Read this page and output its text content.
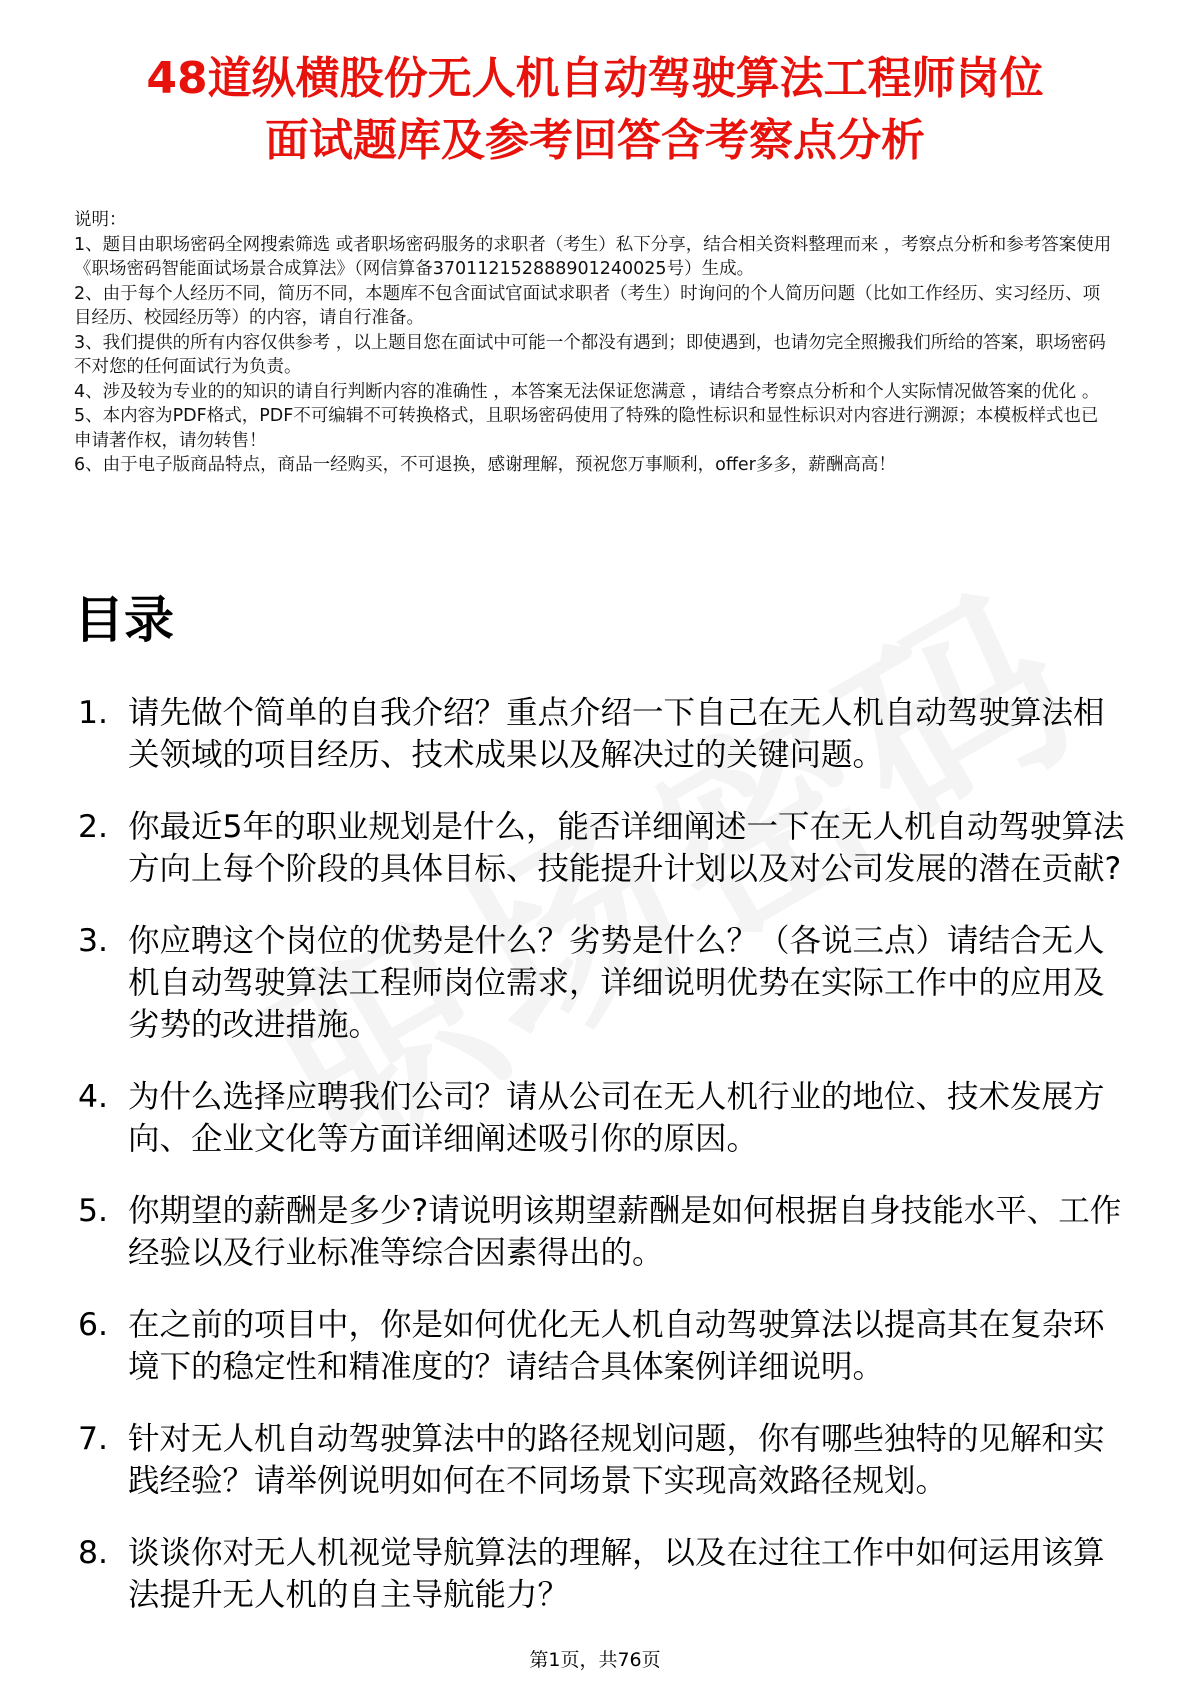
48道纵横股份无人机自动驾驶算法工程师岗位
面试题库及参考回答含考察点分析
说明：
1、题目由职场密码全网搜索筛选 或者职场密码服务的求职者（考生）私下分享，结合相关资料整理而来 ，考察点分析和参考答案使用《职场密码智能面试场景合成算法》（网信算备370112152888901240025号）生成。
2、由于每个人经历不同，简历不同，本题库不包含面试官面试求职者（考生）时询问的个人简历问题（比如工作经历、实习经历、项目经历、校园经历等）的内容，请自行准备。
3、我们提供的所有内容仅供参考 ，以上题目您在面试中可能一个都没有遇到；即使遇到，也请勿完全照搬我们所给的答案，职场密码不对您的任何面试行为负责。
4、涉及较为专业的的知识的请自行判断内容的准确性 ，本答案无法保证您满意 ，请结合考察点分析和个人实际情况做答案的优化 。
5、本内容为PDF格式，PDF不可编辑不可转换格式，且职场密码使用了特殊的隐性标识和显性标识对内容进行溯源；本模板样式也已申请著作权，请勿转售！
6、由于电子版商品特点，商品一经购买，不可退换，感谢理解，预祝您万事顺利，offer多多，薪酬高高！
目录
1. 请先做个简单的自我介绍？重点介绍一下自己在无人机自动驾驶算法相关领域的项目经历、技术成果以及解决过的关键问题。
2. 你最近5年的职业规划是什么，能否详细阐述一下在无人机自动驾驶算法方向上每个阶段的具体目标、技能提升计划以及对公司发展的潜在贡献?
3. 你应聘这个岗位的优势是什么？劣势是什么？（各说三点）请结合无人机自动驾驶算法工程师岗位需求，详细说明优势在实际工作中的应用及劣势的改进措施。
4. 为什么选择应聘我们公司？请从公司在无人机行业的地位、技术发展方向、企业文化等方面详细阐述吸引你的原因。
5. 你期望的薪酬是多少?请说明该期望薪酬是如何根据自身技能水平、工作经验以及行业标准等综合因素得出的。
6. 在之前的项目中，你是如何优化无人机自动驾驶算法以提高其在复杂环境下的稳定性和精准度的？请结合具体案例详细说明。
7. 针对无人机自动驾驶算法中的路径规划问题，你有哪些独特的见解和实践经验？请举例说明如何在不同场景下实现高效路径规划。
8. 谈谈你对无人机视觉导航算法的理解，以及在过往工作中如何运用该算法提升无人机的自主导航能力？
第1页，共76页
